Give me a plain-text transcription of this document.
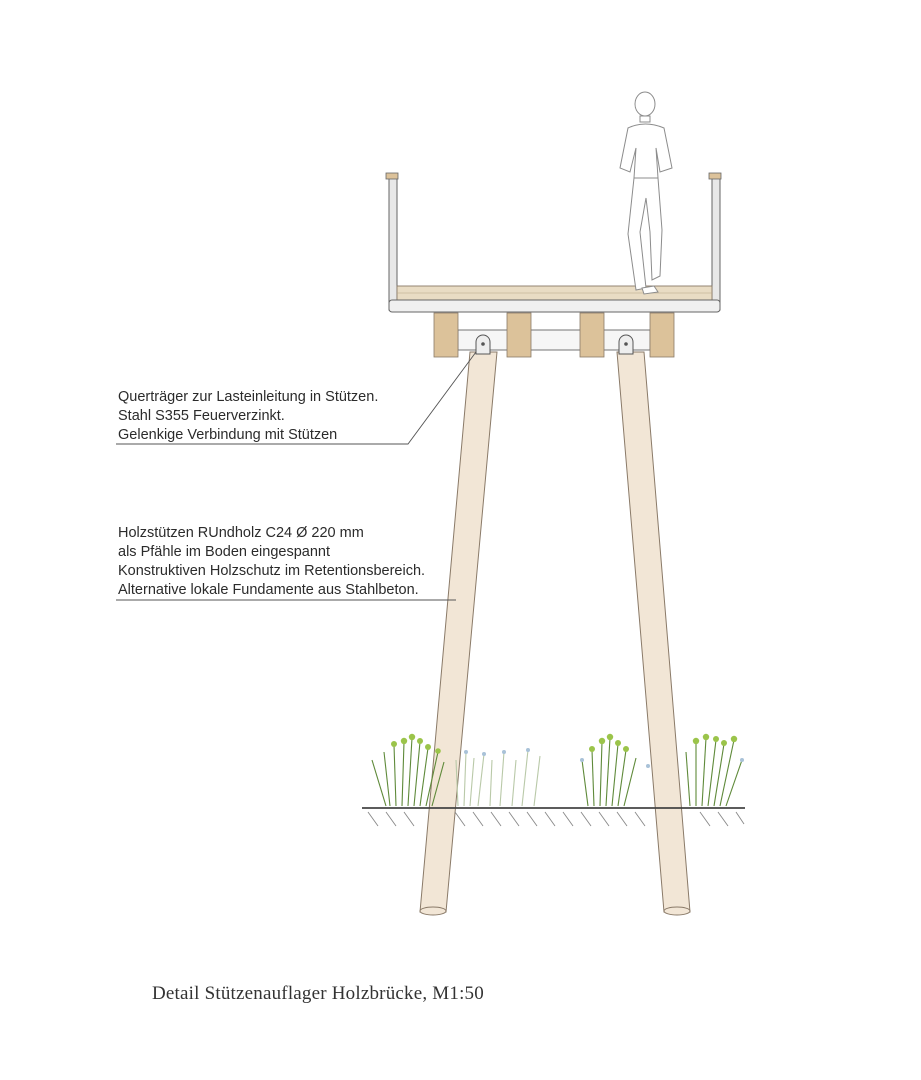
Querträger zur Lasteinleitung in Stützen.
Stahl S355 Feuerverzinkt.
Gelenkige Verbindung mit Stützen
Holzstützen RUndholz C24 Ø 220 mm
als Pfähle im Boden eingespannt
Konstruktiven Holzschutz im Retentionsbereich.
Alternative lokale Fundamente aus Stahlbeton.
Detail Stützenauflager Holzbrücke, M1:50
